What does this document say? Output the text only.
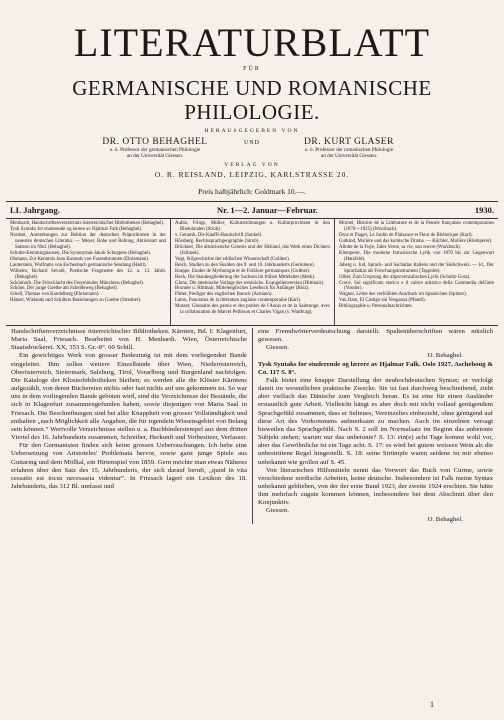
LITERATURBLATT
FÜR
GERMANISCHE UND ROMANISCHE PHILOLOGIE.
HERAUSGEGEBEN VON
DR. OTTO BEHAGHEL
o. ö. Professor der germanischen Philologie
an der Universität Giessen.
UND	DR. KURT GLASER
o. ö. Professor der romanischen Philologie
an der Universität Giessen.
VERLAG VON
O. R. REISLAND, LEIPZIG, KARLSTRASSE 20.
Preis halbjährlich: Goldmark 10.—.
LI. Jahrgang.	Nr. 1—2. Januar—Februar.	1930.

Menhardt, Handschriftenverzeichnis österreichischer Bibliotheken (Behaghel).

Tysk Syntaks for studerende og lærere av Hjalmar Falk (Behaghel).

Nordset, Anmerkungen zur Rektion der deutschen Präpositionen in der neuesten deutschen Literatur. — Meyer, Rohe und Rohung, Aktionsart und Satzton im Nhd. (Behaghel).

Schulte-Kemminghausen, Die Synonymat-Jakob Schoppers (Behaghel).

Ohmann, Zur Kenntnis Jean Konrads von Fussenbrunnen (Ehrismann).

Lauterstein, Wolframs von Eschenbach germanische Sendung (Hartl).

Wilhelm, Richard Sevald, Poetische Fragmente des 12. u. 13. Jahrh. (Behaghel).

Schönbach, Die Fröschlacht des Freymondes Münchens (Behaghel).

Schöne, Der junge Goethe am Scheideweg (Behaghel).

Schell, Thomas von Kandelberg (Ehrismann).

Hänsel, Wielands und Schillers Beziehungen zu Goethe (Streuber).

Aubin, Frings, Müller, Kulturströmungen u. Kulturprovinzen in den Rheinlanden (Strob).

v. Geramb, Die Knaffl-Handschrift (Sankel).

Rössberg, Rechtssprachgeographie (Strob).

Brückner, Die altsächsische Genesis und der Heliand, das Werk eines Dichters (Jellinek).

Vogt, Stilgeschichte der eddischen Wissenschaft (Golther).

Reich, Studien zu den Skalden des 9. und 10. Jahrhunderts (Gerinmen).

Krappe, Etudes de Mythologie et de Folklore germaniques (Golther).

Heck, Die Standesgliederung der Sachsen im frühen Mittelalter (Merk).

Glunz, Die lateinische Vorlage der westsächs. Evangelienversion (Hittmair).

Brunner u. Hittmair, Mittelenglisches Lesebuch für Anfänger (Binz).

Pütter, Prediger des englischen Barock (Asmann).

Laton, Panorama de la littérature anglaise contemporaine (Karl).

Musset, Glossaire des patois et des parlers de l'Aunis et de la Saintonge, avec la collaboration de Marcel Pellisson et Charles Vigan (v. Wartburg).

Mornet, Histoire de la Littérature et de la Pensée françaises contemporaines (1870—1925) (Wurzbach).

Droz et Piaget, Le Jardin de Plaisance et Fleur de Rhétorique (Karl).

Gutkind, Molière und das komische Drama. — Küchler, Molière (Klemperer).

Allotte de la Fuÿe, Jules Verne, sa vie, son œuvre (Wurzbach).

Klemperer, Die moderne französische Lyrik von 1870 bis zur Gegenwart (Hatzfeld).

Jaberg u. Jud, Sprach- und Sachatlas Italiens und der Südschweiz. — Id., Der Sprachatlas als Forschungsinstrument (Tappolet).

Olliet, Zum Ursprung der altprovenzalischen Lyrik (Schultz-Gora).

Croce, Sul significato storico e il valore artistico della Commedia dell'arte (Vossler).

Wagner, Lehre des verblühten Ausdruck im Spanischen (Spitzer).

Van Dam, El Castigo sin Venganza (Pfandl).

Bibliographie u. Personalnachrichten.

Handschriftenverzeichnisse österreichischer Bibliotheken. Kärnten, Bd. I: Klagenfurt, Maria Saal, Friesach. Bearbeitet von H. Menhardt. Wien, Österreichische Staatsdruckerei. XX, 353 S. Gr.-8°. 60 Schill.

Ein gewichtiges Werk von grosser Bedeutung ist mit dem vorliegenden Bande eingeleitet. Ihm sollen weitere Einzelbände über Wien, Niederösterreich, Oberösterreich, Steiermark, Salzburg, Tirol, Vorarlberg und Burgenland nachfolgen. Die Kataloge der Klosterbibliotheken bleiben; es werden alle die Klöster Kärntens aufgezählt, von deren Büchereien nichts oder fast nichts auf uns gekommen ist. So war uns in dem vorliegenden Bande geboten wird, sind die Verzeichnisse der Bestände, die sich in Klagenfurt zusammengefunden haben, sowie diejenigen von Maria Saal in Friesach. Die Beschreibungen sind bei aller Knappheit von grosser Vollständigkeit und enthalten „nach Möglichkeit alle Angaben, die für irgendein Wissensgebiet von Belang sein können.“ Wertvolle Verzeichnisse stellen u. a. Buchbinderstempel aus dem dritten Viertel des 16. Jahrhunderts zusammen, Schreiber, Herkunft und Vorbesitzer, Verfasser.

Für den Germanisten finden sich keine grossen Ueberraschungen. Ich hebe eine Uebersetzung von Aristoteles' Problemata hervor, sowie ganz junge Spiele aus Guttaring und dem Mölltal, ein Hirtenspiel von 1859. Gern möchte man etwas Näheres erfahren über den Satz des 15. Jahrhunderts, der sich darauf beruft, „quod in vita cessatio est iocus necessaria videntur“. In Friesach lagert ein Lexikon des 18. Jahrhunderts, das 312 Bl. umfasst und

eine Fremdwörterverdeutschung darstellt. Spaltenüberschriften wären nützlich gewesen.

Giessen.

O. Behaghel.

Tysk Syntaks for studerende og lærere av Hjalmar Falk. Oslo 1927, Aschehoug & Co. 117 S. 8°.

Falk bietet eine knappe Darstellung der neuhochdeutschen Syntax; er verfolgt damit im wesentlichen praktische Zwecke. Sie ist fast durchweg beschreibend, zieht aber vielfach das Dänische zum Vergleich heran. Es ist eine für einen Ausländer erstaunlich gute Arbeit. Vielleicht hängt es aber doch mit nicht vollauf genügendem Sprachgefühl zusammen, dass er Seltenes, Vereinzeltes einbezieht, ohne genügend auf diese Art des Vorkommens aufmerksam zu machen. Auch im einzelnen versagt bisweilen das Sprachgefühl. Nach S. 2 soll im Normalsatz im Beginn das unbetonte Subjekt stehen; warum nur das unbetonte? S. 13: ein(e) acht Tage kommt wohl vor, aber das Gewöhnliche ist ein Tage acht. S. 17: es wird bei gutem weissen Wein als die unbestrittene Regel hingestellt. S. 18: seine Strümpfe waren seidene ist mir ebenso unbekannt wie grollen auf S. 45.

Von literarischen Hilfsmitteln nennt das Vorwort das Buch von Curme, sowie verschiedene nordische Arbeiten, keine deutsche. Insbesondere ist Falk meine Syntax unbekannt geblieben, von der der erste Band 1923, der zweite 1924 erschien. Sie hätte ihm mehrfach zugute kommen können, insbesondere bei dem Abschnitt über den Konjunktiv.

Giessen.

O. Behaghel.

1
